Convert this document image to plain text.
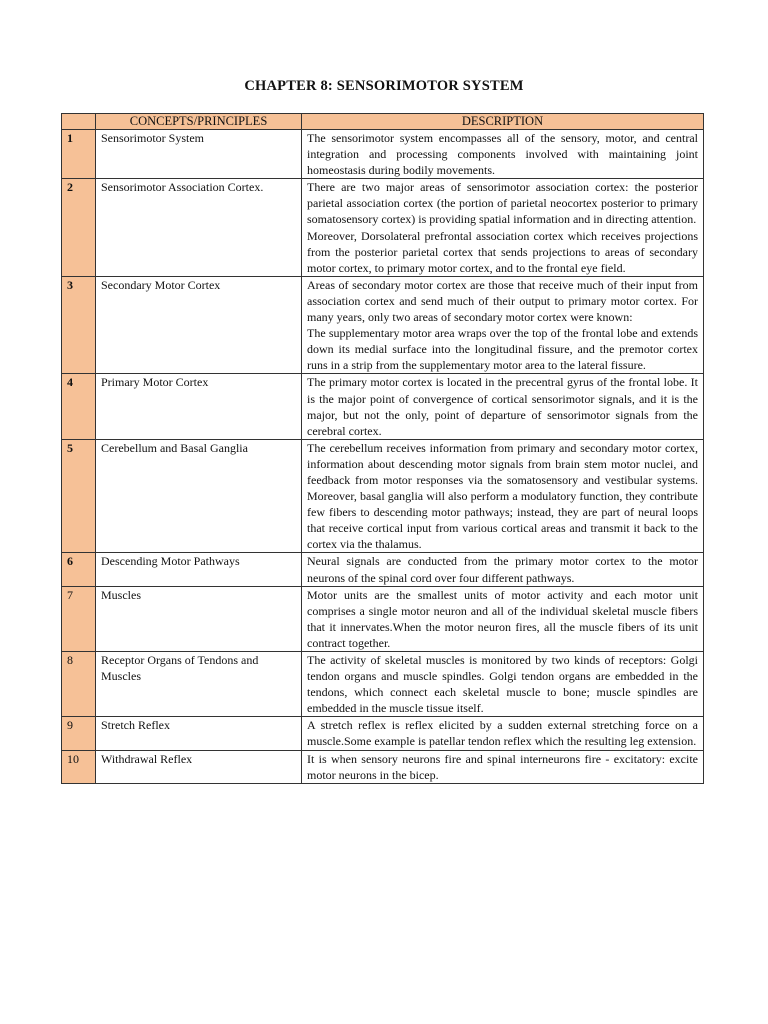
CHAPTER 8: SENSORIMOTOR SYSTEM
	CONCEPTS/PRINCIPLES	DESCRIPTION
1	Sensorimotor System	The sensorimotor system encompasses all of the sensory, motor, and central integration and processing components involved with maintaining joint homeostasis during bodily movements.

2	Sensorimotor Association Cortex.	There are two major areas of sensorimotor association cortex: the posterior parietal association cortex (the portion of parietal neocortex posterior to primary somatosensory cortex) is providing spatial information and in directing attention.
Moreover, Dorsolateral prefrontal association cortex which receives projections from the posterior parietal cortex that sends projections to areas of secondary motor cortex, to primary motor cortex, and to the frontal eye field.

3	Secondary Motor Cortex	Areas of secondary motor cortex are those that receive much of their input from association cortex and send much of their output to primary motor cortex. For many years, only two areas of secondary motor cortex were known:
The supplementary motor area wraps over the top of the frontal lobe and extends down its medial surface into the longitudinal fissure, and the premotor cortex runs in a strip from the supplementary motor area to the lateral fissure.

4	Primary Motor Cortex	The primary motor cortex is located in the precentral gyrus of the frontal lobe. It is the major point of convergence of cortical sensorimotor signals, and it is the major, but not the only, point of departure of sensorimotor signals from the cerebral cortex.

5	Cerebellum and Basal Ganglia	The cerebellum receives information from primary and secondary motor cortex, information about descending motor signals from brain stem motor nuclei, and feedback from motor responses via the somatosensory and vestibular systems. Moreover, basal ganglia will also perform a modulatory function, they contribute few fibers to descending motor pathways; instead, they are part of neural loops that receive cortical input from various cortical areas and transmit it back to the cortex via the thalamus.

6	Descending Motor Pathways	Neural signals are conducted from the primary motor cortex to the motor neurons of the spinal cord over four different pathways.

7	Muscles	Motor units are the smallest units of motor activity and each motor unit comprises a single motor neuron and all of the individual skeletal muscle fibers that it innervates.When the motor neuron fires, all the muscle fibers of its unit contract together.

8	Receptor Organs of Tendons and Muscles	The activity of skeletal muscles is monitored by two kinds of receptors: Golgi tendon organs and muscle spindles. Golgi tendon organs are embedded in the tendons, which connect each skeletal muscle to bone; muscle spindles are embedded in the muscle tissue itself.

9	Stretch Reflex	A stretch reflex is reflex elicited by a sudden external stretching force on a muscle.Some example is patellar tendon reflex which the resulting leg extension.

10	Withdrawal Reflex	It is when sensory neurons fire and spinal interneurons fire - excitatory: excite motor neurons in the bicep.
